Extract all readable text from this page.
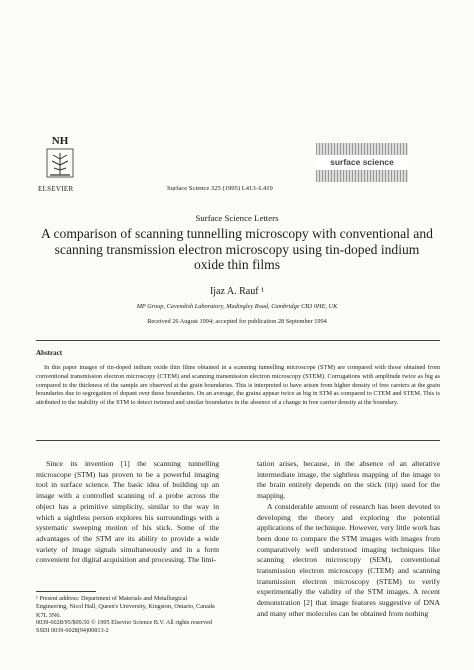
NH
ELSEVIER	Surface Science 325 (1995) L413–L419
surface science
Surface Science Letters
A comparison of scanning tunnelling microscopy with conventional and scanning transmission electron microscopy using tin-doped indium oxide thin films
Ijaz A. Rauf ¹
MP Group, Cavendish Laboratory, Madingley Road, Cambridge CB3 0HE, UK
Received 26 August 1994; accepted for publication 28 September 1994
Abstract
In this paper images of tin-doped indium oxide thin films obtained in a scanning tunnelling microscope (STM) are compared with those obtained from conventional transmission electron microscopy (CTEM) and scanning transmission electron microscopy (STEM). Corrugations with amplitude twice as big as compared to the thickness of the sample are observed at the grain boundaries. This is interpreted to have arisen from higher density of free carriers at the grain boundaries due to segregation of dopant over these boundaries. On an average, the grains appear twice as big in STM as compared to CTEM and STEM. This is attributed to the inability of the STM to detect twinned and similar boundaries in the absence of a change in free carrier density at the boundary.

Since its invention [1] the scanning tunnelling microscope (STM) has proven to be a powerful imaging tool in surface science. The basic idea of building up an image with a controlled scanning of a probe across the object has a primitive simplicity, similar to the way in which a sightless person explores his surroundings with a systematic sweeping motion of his stick. Some of the advantages of the STM are its ability to provide a wide variety of image signals simultaneously and in a form convenient for digital acquisition and processing. The limi-

tation arises, because, in the absence of an alterative intermediate image, the sightless mapping of the image to the brain entirely depends on the stick (tip) used for the mapping.

A considerable amount of research has been devoted to developing the theory and exploring the potential applications of the technique. However, very little work has been done to compare the STM images with images from comparatively well understood imaging techniques like scanning electron microscopy (SEM), conventional transmission electron microscopy (CTEM) and scanning transmission electron microscopy (STEM) to verify experimentally the validity of the STM images. A recent demonstration [2] that image features suggestive of DNA and many other molecules can be obtained from nothing

¹ Present address: Department of Materials and Metallurgical Engineering, Nicol Hall, Queen's University, Kingston, Ontario, Canada K7L 3N6.
0039-6028/95/$09.50 © 1995 Elsevier Science B.V. All rights reserved
SSDI 0039-6028(94)00813-2
